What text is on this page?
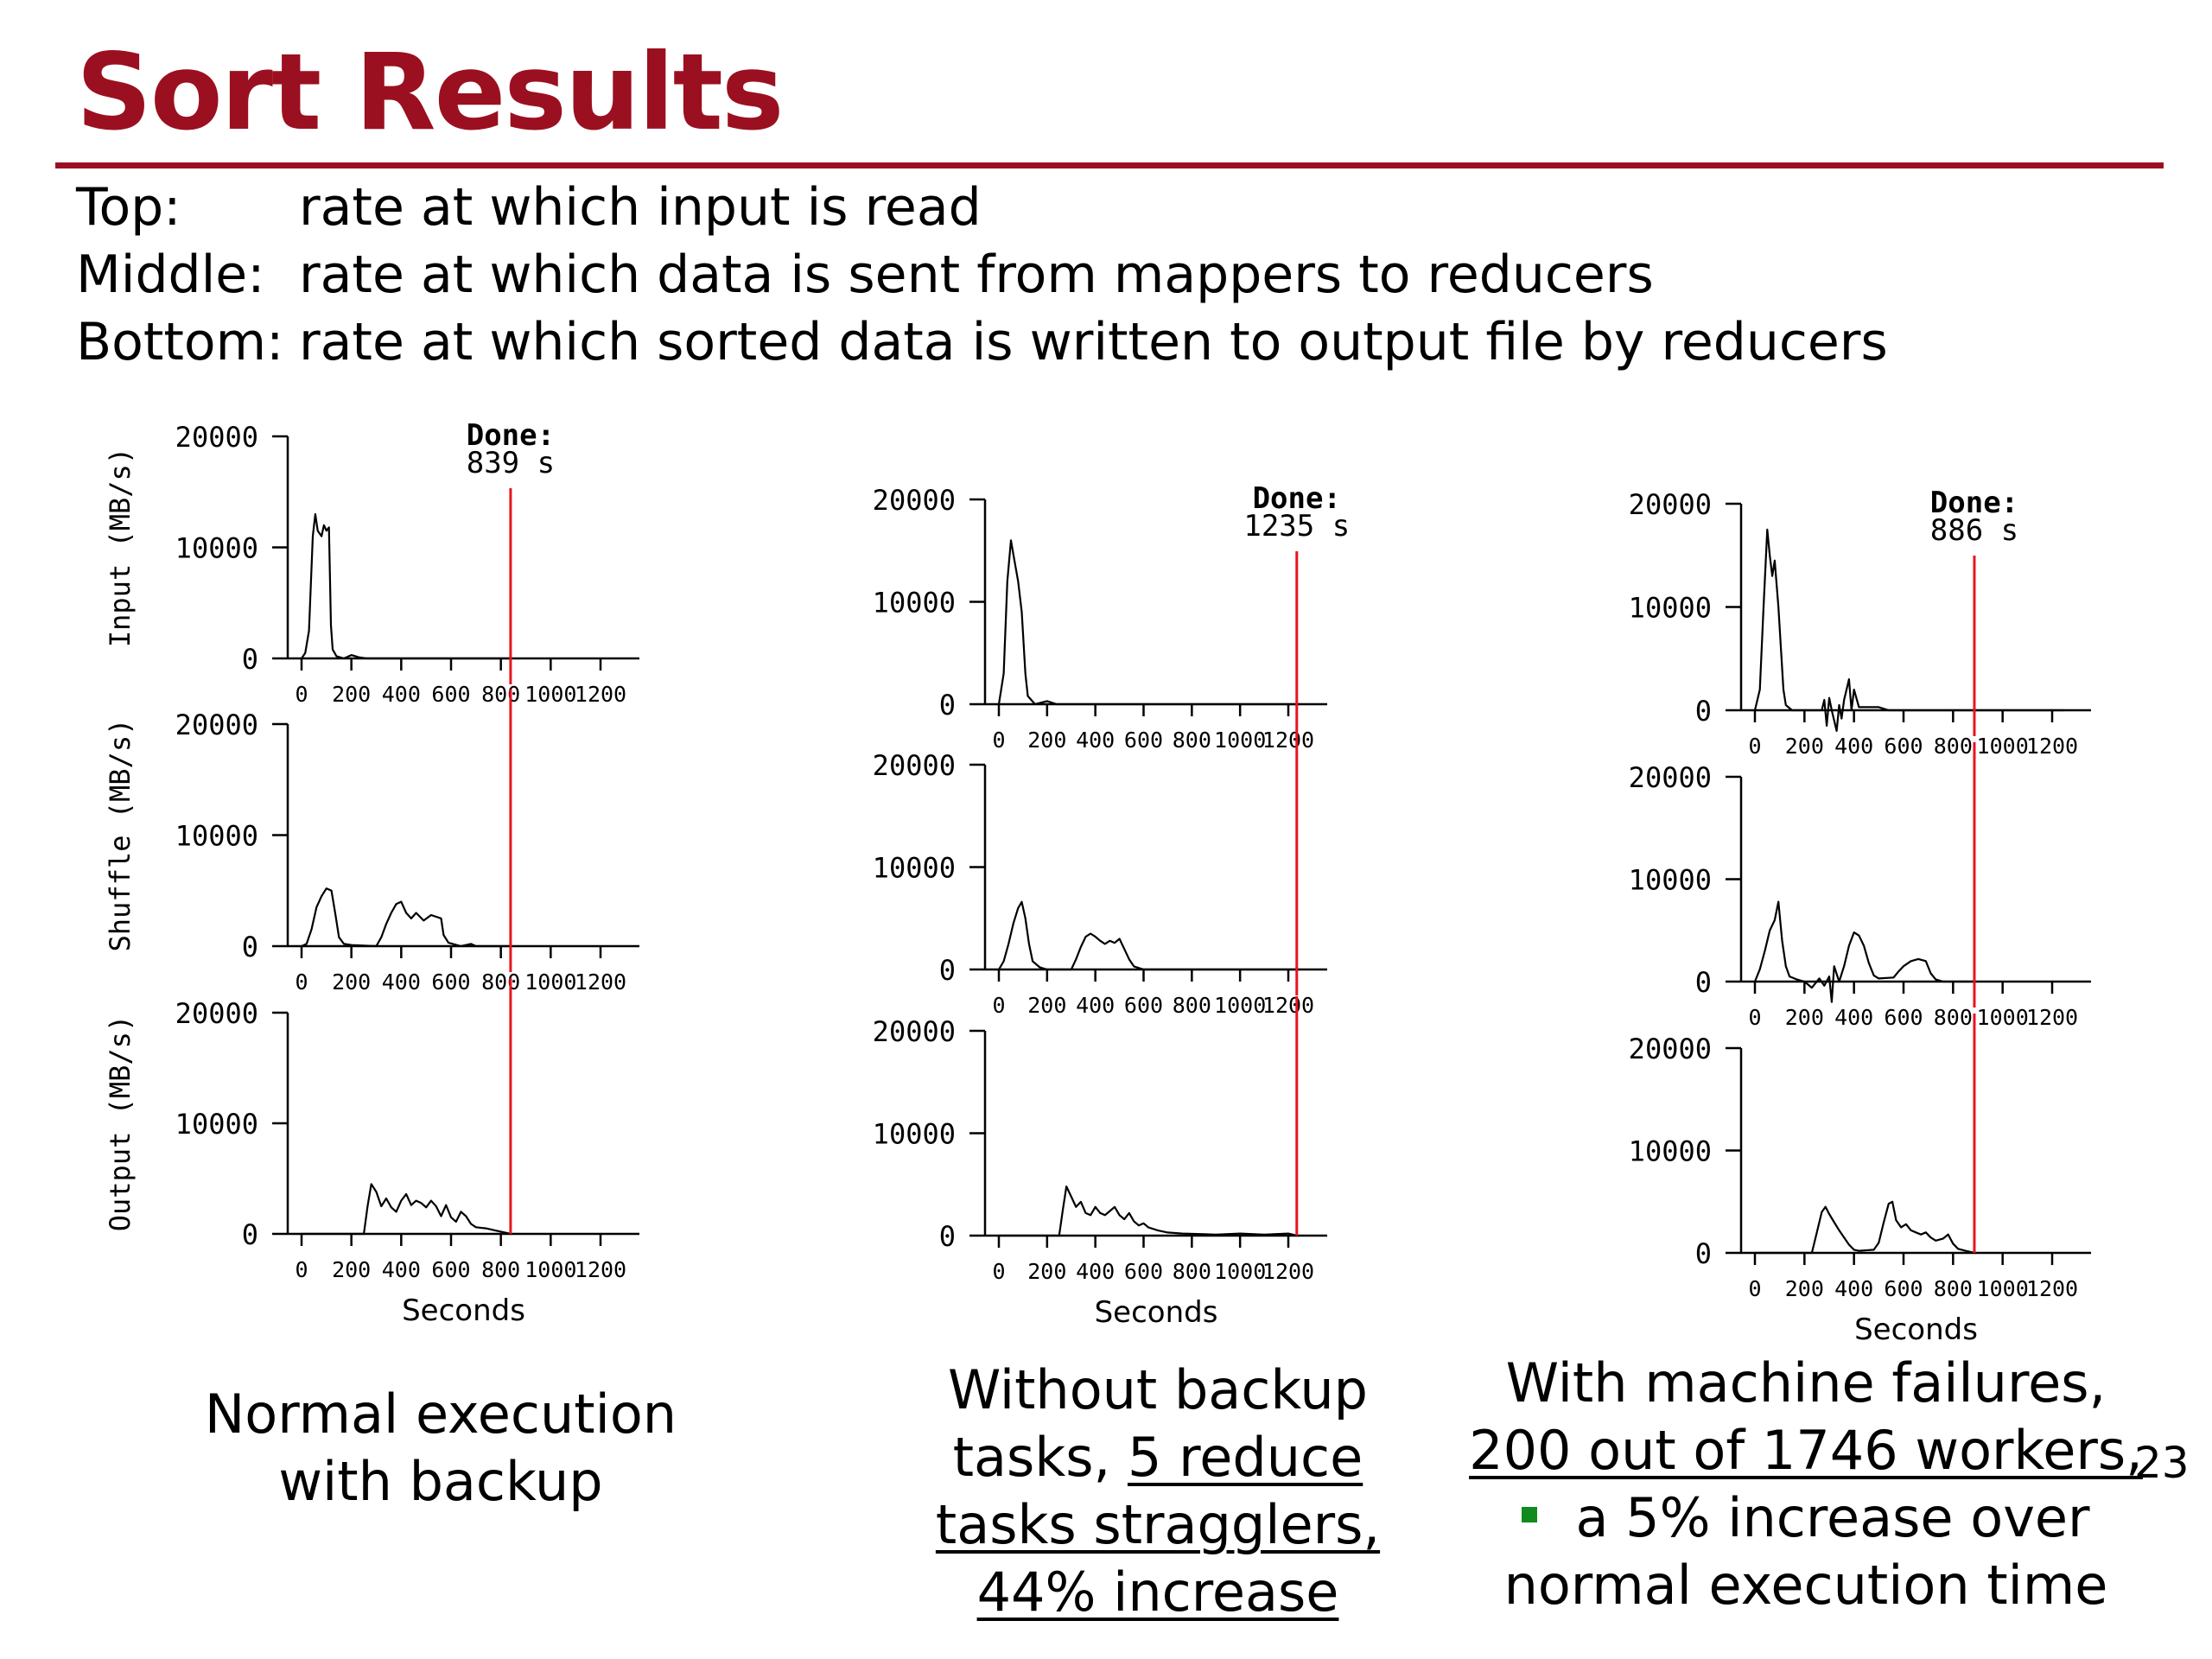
Sort Results
Top: rate at which input is read
Middle: rate at which data is sent from mappers to reducers
Bottom: rate at which sorted data is written to output file by reducers
0
10000
20000
0 200 400 600 800 1000
1200
Done:
839 s
Input (MB/s)
0
10000
20000
0 200 400 600 800 1000
1200
Shuffle (MB/s)
0
10000
20000
0 200 400 600 800 1000
1200
Output (MB/s)
Seconds
0
10000
20000
0 200 400 600 800 1000
1200
Done:
1235 s
0
10000
20000
0 200 400 600 800 1000
1200
0
10000
20000
0 200 400 600 800 1000
1200
Seconds
0
10000
20000
0 200 400 600 800 1000
1200
Done:
886 s
0
10000
20000
0 200 400 600 800 1000
1200
0
10000
20000
0 200 400 600 800 1000
1200
Seconds
Normal execution
with backup
Without backup
tasks, 5 reduce
tasks stragglers,
44% increase
With machine failures,
200 out of 1746 workers,
a 5% increase over
normal execution time
23
